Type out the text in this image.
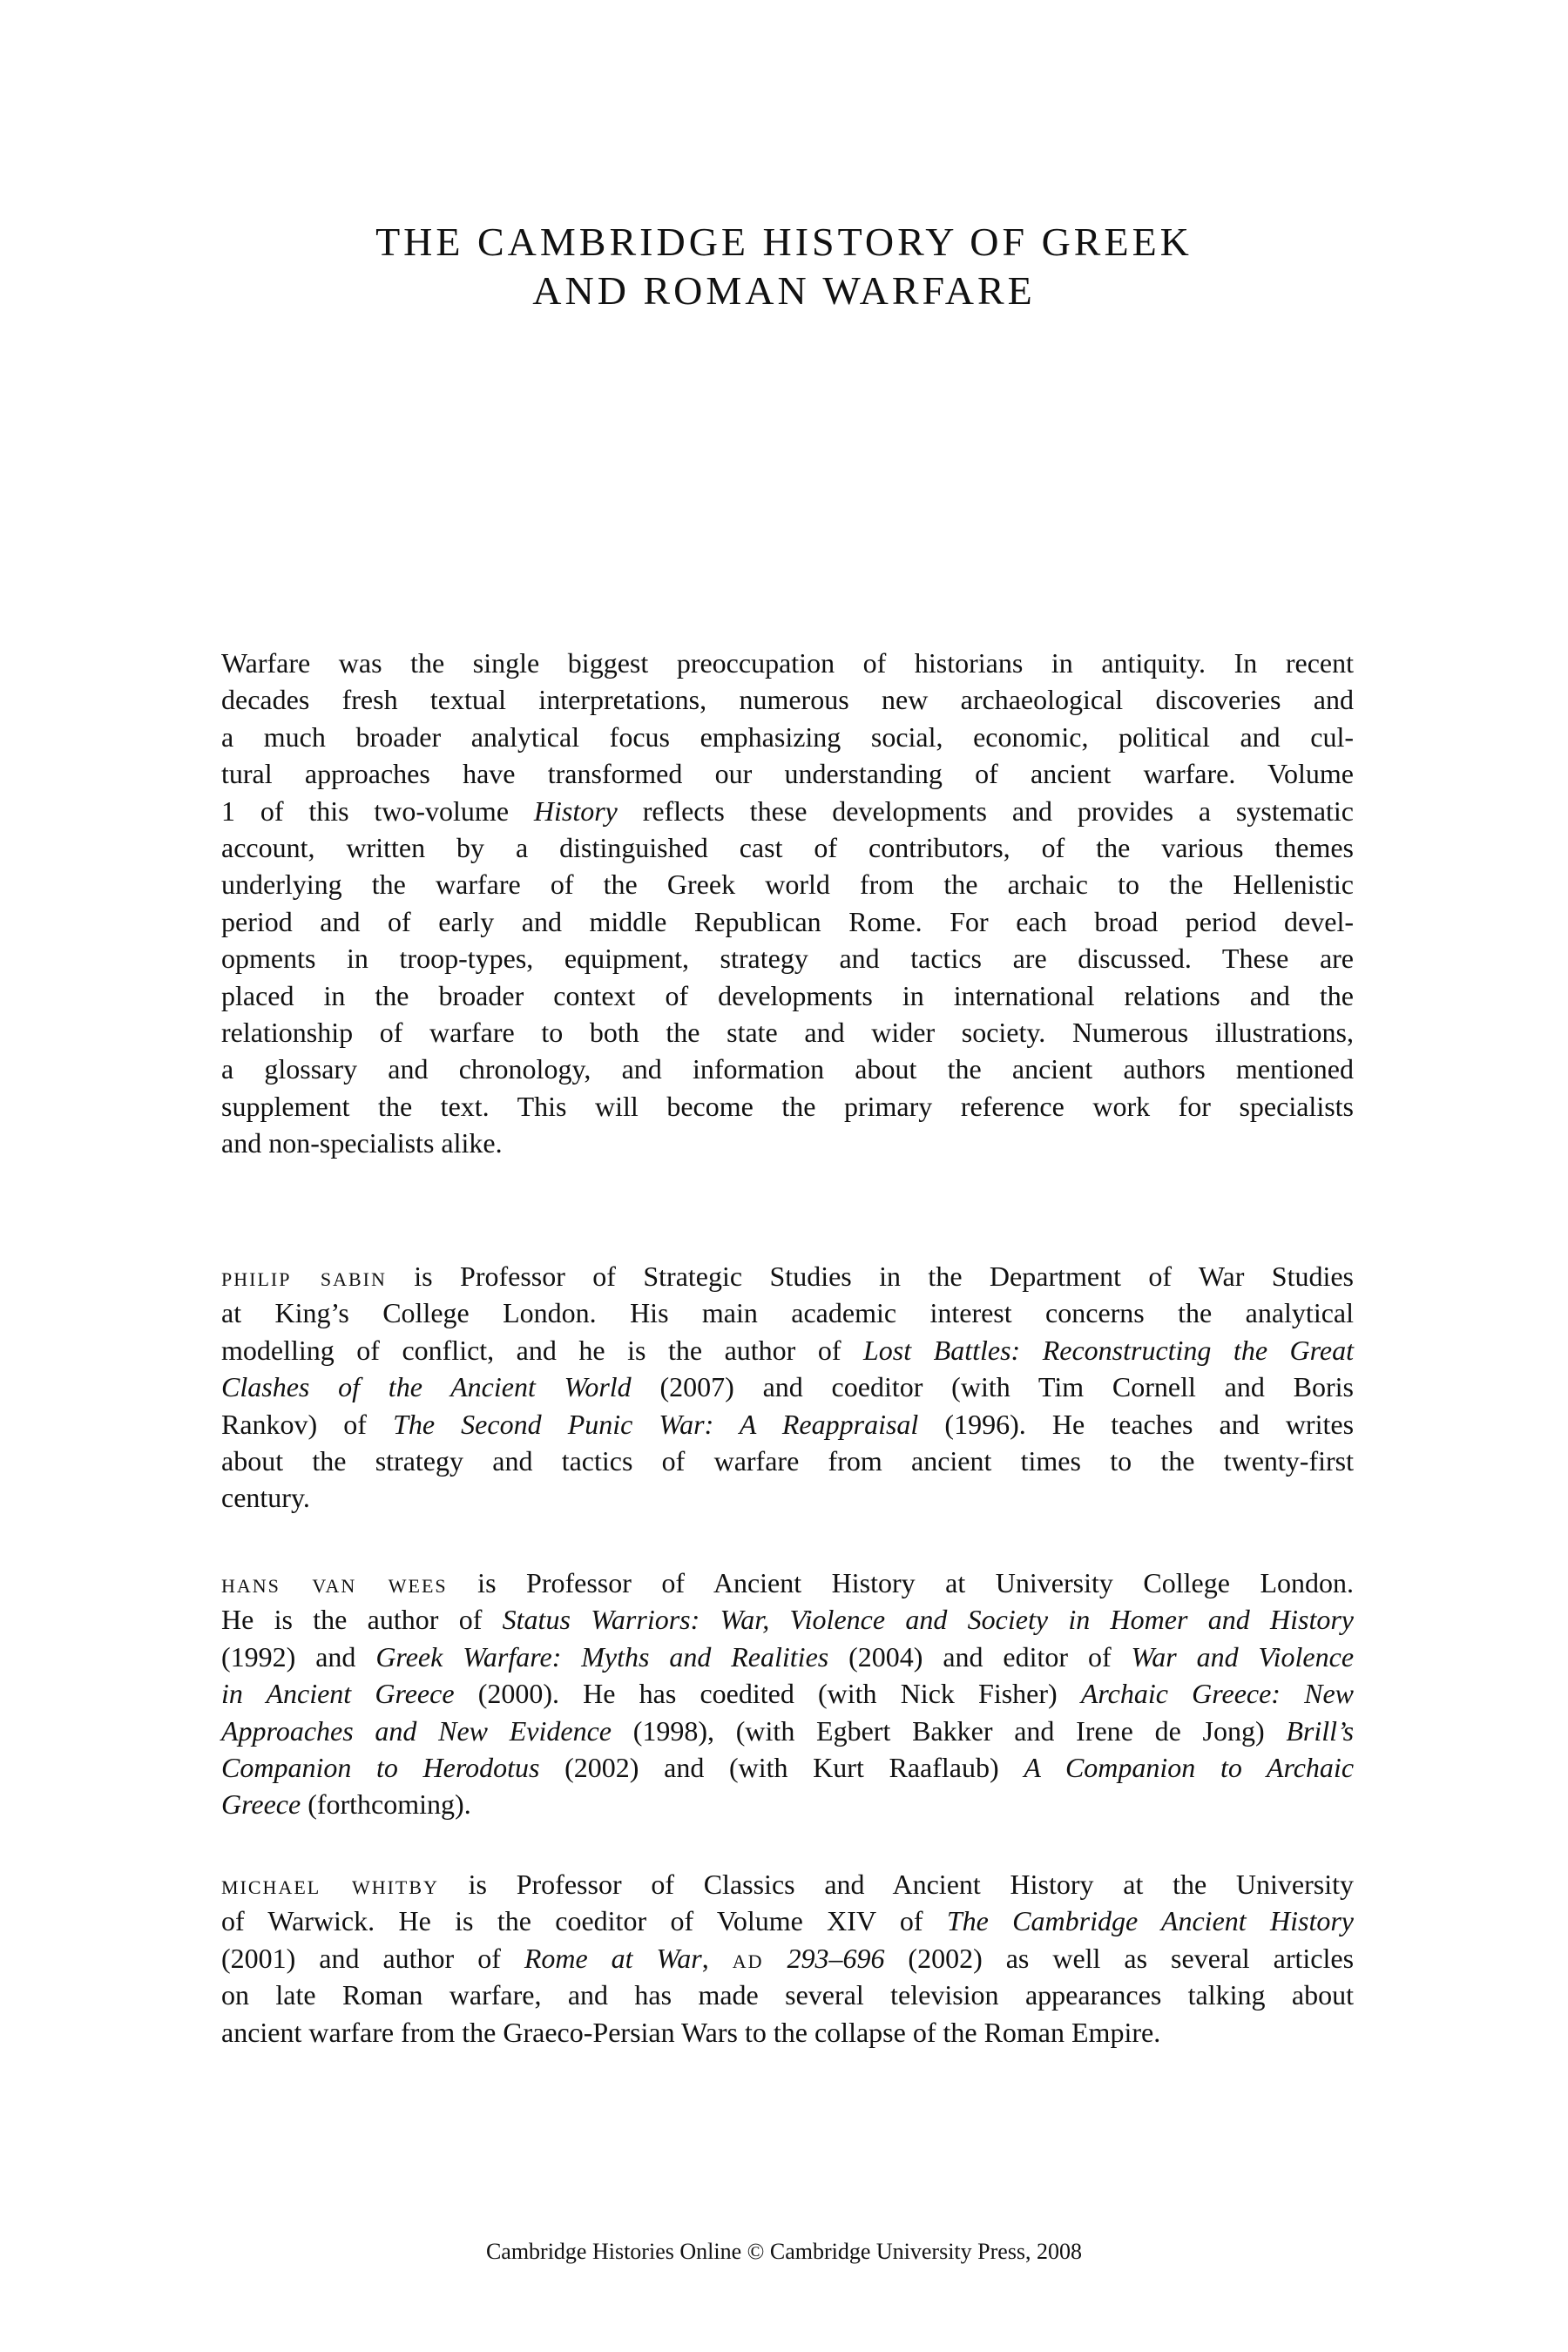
THE CAMBRIDGE HISTORY OF GREEK
AND ROMAN WARFARE
Warfare was the single biggest preoccupation of historians in antiquity. In recent
decades fresh textual interpretations, numerous new archaeological discoveries and
a much broader analytical focus emphasizing social, economic, political and cul-
tural approaches have transformed our understanding of ancient warfare. Volume
1 of this two-volume History reflects these developments and provides a systematic
account, written by a distinguished cast of contributors, of the various themes
underlying the warfare of the Greek world from the archaic to the Hellenistic
period and of early and middle Republican Rome. For each broad period devel-
opments in troop-types, equipment, strategy and tactics are discussed. These are
placed in the broader context of developments in international relations and the
relationship of warfare to both the state and wider society. Numerous illustrations,
a glossary and chronology, and information about the ancient authors mentioned
supplement the text. This will become the primary reference work for specialists
and non-specialists alike.
philip sabin is Professor of Strategic Studies in the Department of War Studies
at King’s College London. His main academic interest concerns the analytical
modelling of conflict, and he is the author of Lost Battles: Reconstructing the Great
Clashes of the Ancient World (2007) and coeditor (with Tim Cornell and Boris
Rankov) of The Second Punic War: A Reappraisal (1996). He teaches and writes
about the strategy and tactics of warfare from ancient times to the twenty-first
century.
hans van wees is Professor of Ancient History at University College London.
He is the author of Status Warriors: War, Violence and Society in Homer and History
(1992) and Greek Warfare: Myths and Realities (2004) and editor of War and Violence
in Ancient Greece (2000). He has coedited (with Nick Fisher) Archaic Greece: New
Approaches and New Evidence (1998), (with Egbert Bakker and Irene de Jong) Brill’s
Companion to Herodotus (2002) and (with Kurt Raaflaub) A Companion to Archaic
Greece (forthcoming).
michael whitby is Professor of Classics and Ancient History at the University
of Warwick. He is the coeditor of Volume XIV of The Cambridge Ancient History
(2001) and author of Rome at War, ad 293–696 (2002) as well as several articles
on late Roman warfare, and has made several television appearances talking about
ancient warfare from the Graeco-Persian Wars to the collapse of the Roman Empire.
Cambridge Histories Online © Cambridge University Press, 2008
